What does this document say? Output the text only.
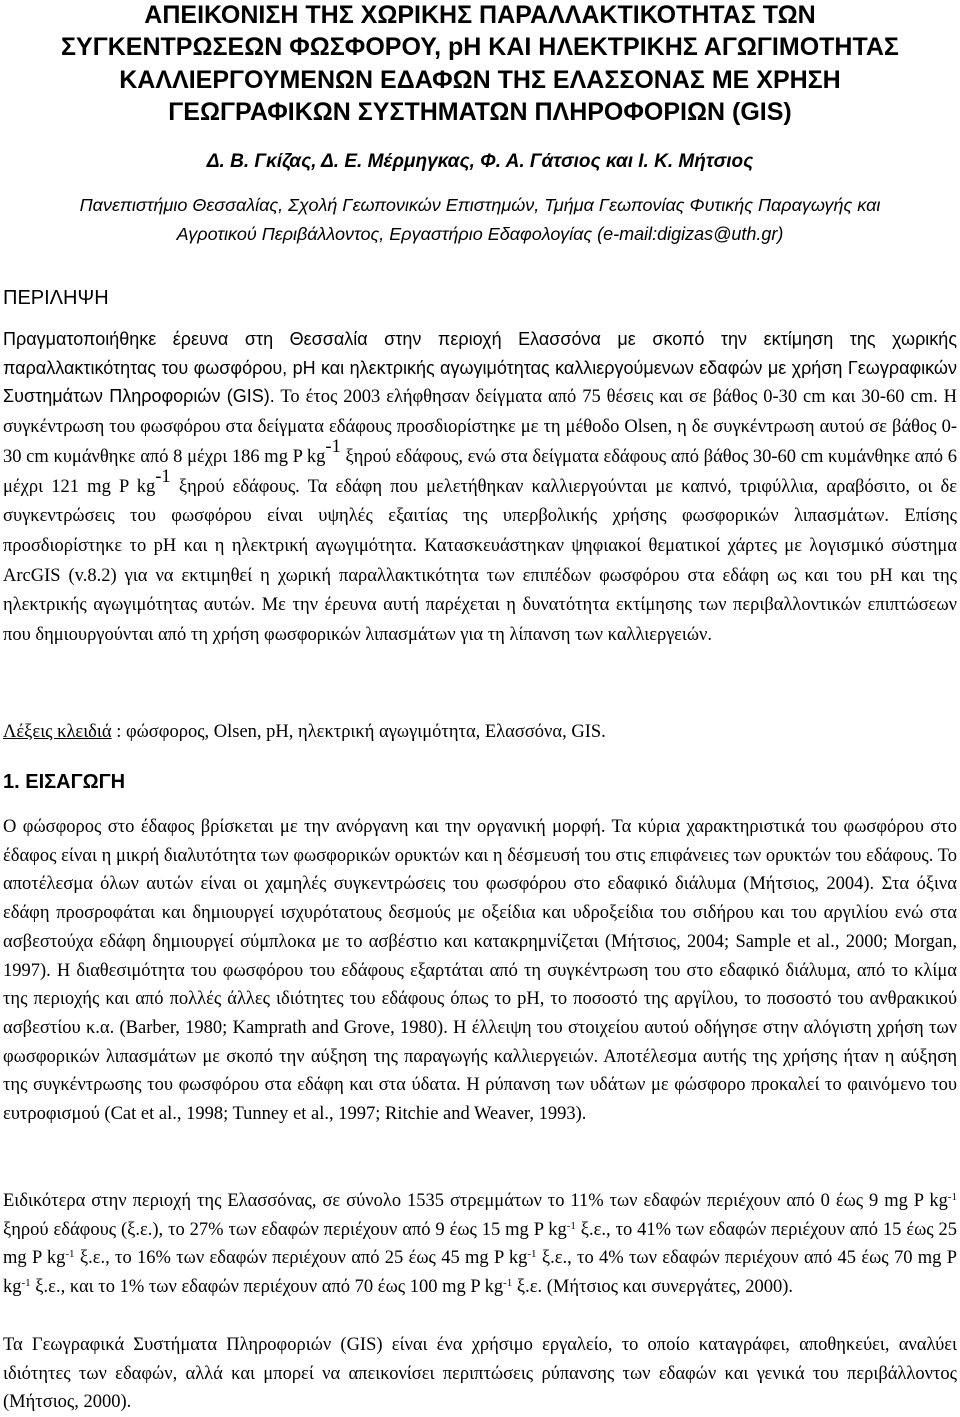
ΑΠΕΙΚΟΝΙΣΗ ΤΗΣ ΧΩΡΙΚΗΣ ΠΑΡΑΛΛΑΚΤΙΚΟΤΗΤΑΣ ΤΩΝ
ΣΥΓΚΕΝΤΡΩΣΕΩΝ ΦΩΣΦΟΡΟΥ, pH ΚΑΙ ΗΛΕΚΤΡΙΚΗΣ ΑΓΩΓΙΜΟΤΗΤΑΣ
ΚΑΛΛΙΕΡΓΟΥΜΕΝΩΝ ΕΔΑΦΩΝ ΤΗΣ ΕΛΑΣΣΟΝΑΣ ΜΕ ΧΡΗΣΗ
ΓΕΩΓΡΑΦΙΚΩΝ ΣΥΣΤΗΜΑΤΩΝ ΠΛΗΡΟΦΟΡΙΩΝ (GIS)
Δ. Β. Γκίζας, Δ. Ε. Μέρμηγκας, Φ. Α. Γάτσιος και Ι. Κ. Μήτσιος
Πανεπιστήμιο Θεσσαλίας, Σχολή Γεωπονικών Επιστημών, Τμήμα Γεωπονίας Φυτικής Παραγωγής και
Αγροτικού Περιβάλλοντος, Εργαστήριο Εδαφολογίας (e-mail:digizas@uth.gr)
ΠΕΡΙΛΗΨΗ

Πραγματοποιήθηκε έρευνα στη Θεσσαλία στην περιοχή Ελασσόνα με σκοπό την εκτίμηση της χωρικής παραλλακτικότητας του φωσφόρου, pH και ηλεκτρικής αγωγιμότητας καλλιεργούμενων εδαφών με χρήση Γεωγραφικών Συστημάτων Πληροφοριών (GIS). Το έτος 2003 ελήφθησαν δείγματα από 75 θέσεις και σε βάθος 0-30 cm και 30-60 cm. Η συγκέντρωση του φωσφόρου στα δείγματα εδάφους προσδιορίστηκε με τη μέθοδο Olsen, η δε συγκέντρωση αυτού σε βάθος 0-30 cm κυμάνθηκε από 8 μέχρι 186 mg P $kg^{-1}$ ξηρού εδάφους, ενώ στα δείγματα εδάφους από βάθος 30-60 cm κυμάνθηκε από 6 μέχρι 121 mg P $kg^{-1}$ ξηρού εδάφους. Τα εδάφη που μελετήθηκαν καλλιεργούνται με καπνό, τριφύλλια, αραβόσιτο, οι δε συγκεντρώσεις του φωσφόρου είναι υψηλές εξαιτίας της υπερβολικής χρήσης φωσφορικών λιπασμάτων. Επίσης προσδιορίστηκε το pH και η ηλεκτρική αγωγιμότητα. Κατασκευάστηκαν ψηφιακοί θεματικοί χάρτες με λογισμικό σύστημα ArcGIS (v.8.2) για να εκτιμηθεί η χωρική παραλλακτικότητα των επιπέδων φωσφόρου στα εδάφη ως και του pH και της ηλεκτρικής αγωγιμότητας αυτών. Με την έρευνα αυτή παρέχεται η δυνατότητα εκτίμησης των περιβαλλοντικών επιπτώσεων που δημιουργούνται από τη χρήση φωσφορικών λιπασμάτων για τη λίπανση των καλλιεργειών.

Λέξεις κλειδιά : φώσφορος, Olsen, pH, ηλεκτρική αγωγιμότητα, Ελασσόνα, GIS.

1. ΕΙΣΑΓΩΓΗ

Ο φώσφορος στο έδαφος βρίσκεται με την ανόργανη και την οργανική μορφή. Τα κύρια χαρακτηριστικά του φωσφόρου στο έδαφος είναι η μικρή διαλυτότητα των φωσφορικών ορυκτών και η δέσμευσή του στις επιφάνειες των ορυκτών του εδάφους. Το αποτέλεσμα όλων αυτών είναι οι χαμηλές συγκεντρώσεις του φωσφόρου στο εδαφικό διάλυμα (Μήτσιος, 2004). Στα όξινα εδάφη προσροφάται και δημιουργεί ισχυρότατους δεσμούς με οξείδια και υδροξείδια του σιδήρου και του αργιλίου ενώ στα ασβεστούχα εδάφη δημιουργεί σύμπλοκα με το ασβέστιο και κατακρημνίζεται (Μήτσιος, 2004; Sample et al., 2000; Morgan, 1997). Η διαθεσιμότητα του φωσφόρου του εδάφους εξαρτάται από τη συγκέντρωση του στο εδαφικό διάλυμα, από το κλίμα της περιοχής και από πολλές άλλες ιδιότητες του εδάφους όπως το pH, το ποσοστό της αργίλου, το ποσοστό του ανθρακικού ασβεστίου κ.α. (Barber, 1980; Kamprath and Grove, 1980). Η έλλειψη του στοιχείου αυτού οδήγησε στην αλόγιστη χρήση των φωσφορικών λιπασμάτων με σκοπό την αύξηση της παραγωγής καλλιεργειών. Αποτέλεσμα αυτής της χρήσης ήταν η αύξηση της συγκέντρωσης του φωσφόρου στα εδάφη και στα ύδατα. Η ρύπανση των υδάτων με φώσφορο προκαλεί το φαινόμενο του ευτροφισμού (Cat et al., 1998; Tunney et al., 1997; Ritchie and Weaver, 1993).

Ειδικότερα στην περιοχή της Ελασσόνας, σε σύνολο 1535 στρεμμάτων το 11% των εδαφών περιέχουν από 0 έως 9 mg P $kg^{-1}$ ξηρού εδάφους (ξ.ε.), το 27% των εδαφών περιέχουν από 9 έως 15 mg P $kg^{-1}$ ξ.ε., το 41% των εδαφών περιέχουν από 15 έως 25 mg P $kg^{-1}$ ξ.ε., το 16% των εδαφών περιέχουν από 25 έως 45 mg P $kg^{-1}$ ξ.ε., το 4% των εδαφών περιέχουν από 45 έως 70 mg P $kg^{-1}$ ξ.ε., και το 1% των εδαφών περιέχουν από 70 έως 100 mg P $kg^{-1}$ ξ.ε. (Μήτσιος και συνεργάτες, 2000).

Τα Γεωγραφικά Συστήματα Πληροφοριών (GIS) είναι ένα χρήσιμο εργαλείο, το οποίο καταγράφει, αποθηκεύει, αναλύει ιδιότητες των εδαφών, αλλά και μπορεί να απεικονίσει περιπτώσεις ρύπανσης των εδαφών και γενικά του περιβάλλοντος (Μήτσιος, 2000).
